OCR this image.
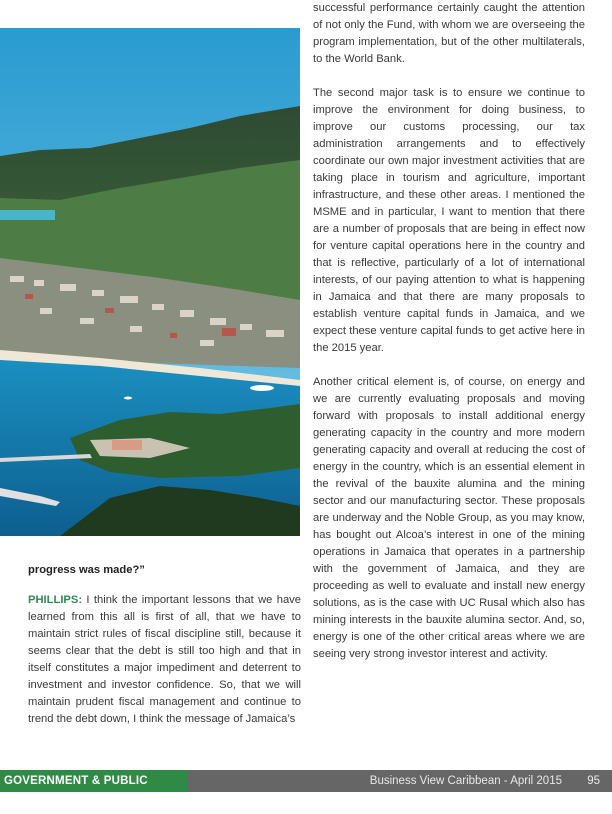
progress was made?”

PHILLIPS: I think the important lessons that we have learned from this all is first of all, that we have to maintain strict rules of fiscal discipline still, because it seems clear that the debt is still too high and that in itself constitutes a major impediment and deterrent to investment and investor confidence. So, that we will maintain prudent fiscal management and continue to trend the debt down, I think the message of Jamaica’s

successful performance certainly caught the attention of not only the Fund, with whom we are overseeing the program implementation, but of the other multilaterals, to the World Bank.

The second major task is to ensure we continue to improve the environment for doing business, to improve our customs processing, our tax administration arrangements and to effectively coordinate our own major investment activities that are taking place in tourism and agriculture, important infrastructure, and these other areas. I mentioned the MSME and in particular, I want to mention that there are a number of proposals that are being in effect now for venture capital operations here in the country and that is reflective, particularly of a lot of international interests, of our paying attention to what is happening in Jamaica and that there are many proposals to establish venture capital funds in Jamaica, and we expect these venture capital funds to get active here in the 2015 year.

Another critical element is, of course, on energy and we are currently evaluating proposals and moving forward with proposals to install additional energy generating capacity in the country and more modern generating capacity and overall at reducing the cost of energy in the country, which is an essential element in the revival of the bauxite alumina and the mining sector and our manufacturing sector. These proposals are underway and the Noble Group, as you may know, has bought out Alcoa’s interest in one of the mining operations in Jamaica that operates in a partnership with the government of Jamaica, and they are proceeding as well to evaluate and install new energy solutions, as is the case with UC Rusal which also has mining interests in the bauxite alumina sector. And, so, energy is one of the other critical areas where we are seeing very strong investor interest and activity.

GOVERNMENT & PUBLIC SECTORS
Business View Caribbean - April 2015 95
